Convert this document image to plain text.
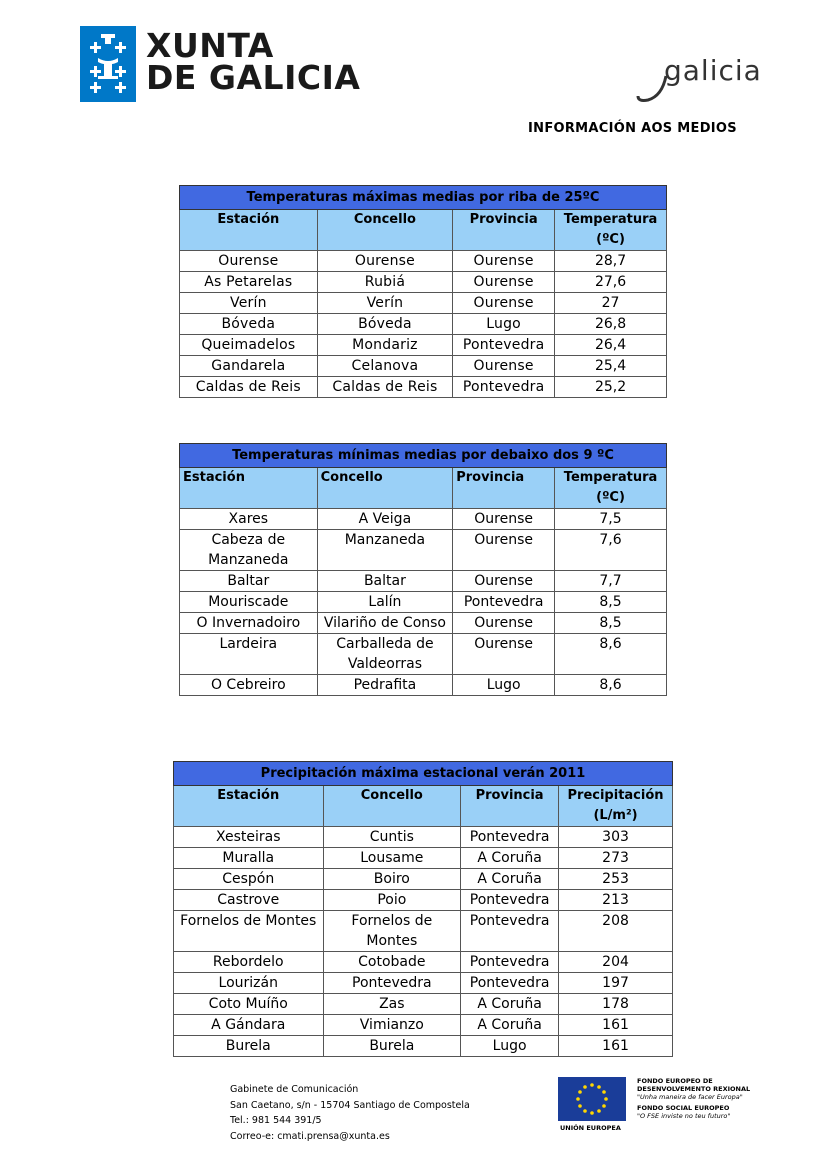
XUNTA
DE GALICIA	galicia
INFORMACIÓN AOS MEDIOS
Temperaturas máximas medias por riba de 25ºC			
Estación	Concello	Provincia	Temperatura (ºC)
Ourense	Ourense	Ourense	28,7
As Petarelas	Rubiá	Ourense	27,6
Verín	Verín	Ourense	27
Bóveda	Bóveda	Lugo	26,8
Queimadelos	Mondariz	Pontevedra	26,4
Gandarela	Celanova	Ourense	25,4
Caldas de Reis	Caldas de Reis	Pontevedra	25,2
Temperaturas mínimas medias por debaixo dos 9 ºC			
Estación	Concello	Provincia	Temperatura (ºC)
Xares	A Veiga	Ourense	7,5
Cabeza de Manzaneda	Manzaneda	Ourense	7,6
Baltar	Baltar	Ourense	7,7
Mouriscade	Lalín	Pontevedra	8,5
O Invernadoiro	Vilariño de Conso	Ourense	8,5
Lardeira	Carballeda de Valdeorras	Ourense	8,6
O Cebreiro	Pedrafita	Lugo	8,6
Precipitación máxima estacional verán 2011			
Estación	Concello	Provincia	Precipitación (L/m²)
Xesteiras	Cuntis	Pontevedra	303
Muralla	Lousame	A Coruña	273
Cespón	Boiro	A Coruña	253
Castrove	Poio	Pontevedra	213
Fornelos de Montes	Fornelos de Montes	Pontevedra	208
Rebordelo	Cotobade	Pontevedra	204
Lourizán	Pontevedra	Pontevedra	197
Coto Muíño	Zas	A Coruña	178
A Gándara	Vimianzo	A Coruña	161
Burela	Burela	Lugo	161
Gabinete de Comunicación
San Caetano, s/n - 15704 Santiago de Compostela
Tel.: 981 544 391/5
Correo-e: cmati.prensa@xunta.es
UNIÓN EUROPEA
FONDO EUROPEO DE
DESENVOLVEMENTO REXIONAL
"Unha maneira de facer Europa"
FONDO SOCIAL EUROPEO
"O FSE inviste no teu futuro"
